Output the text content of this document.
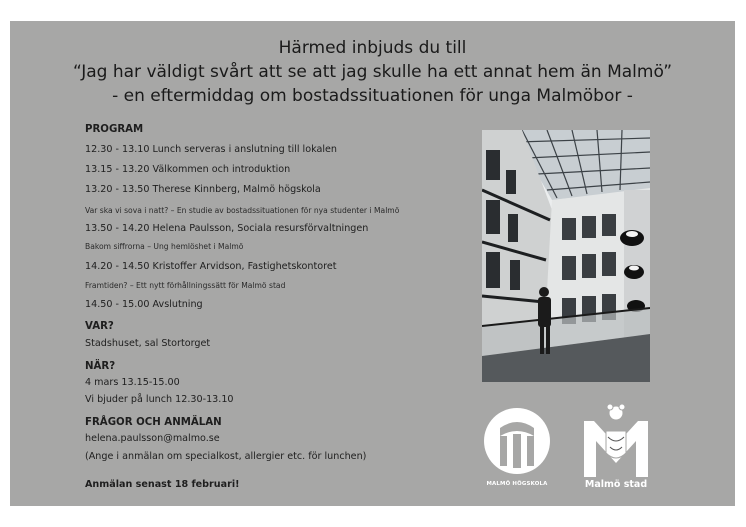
Härmed inbjuds du till
“Jag har väldigt svårt att se att jag skulle ha ett annat hem än Malmö”
- en eftermiddag om bostadssituationen för unga Malmöbor -
PROGRAM
12.30 - 13.10 Lunch serveras i anslutning till lokalen
13.15 - 13.20 Välkommen och introduktion
13.20 - 13.50 Therese Kinnberg, Malmö högskola
Var ska vi sova i natt? – En studie av bostadssituationen för nya studenter i Malmö
13.50 - 14.20 Helena Paulsson, Sociala resursförvaltningen
Bakom siffrorna – Ung hemlöshet i Malmö
14.20 - 14.50 Kristoffer Arvidson, Fastighetskontoret
Framtiden? – Ett nytt förhållningssätt för Malmö stad
14.50 - 15.00 Avslutning
VAR?
Stadshuset, sal Stortorget
NÄR?
4 mars 13.15-15.00
Vi bjuder på lunch 12.30-13.10
FRÅGOR OCH ANMÄLAN
helena.paulsson@malmo.se
(Ange i anmälan om specialkost, allergier etc. för lunchen)
Anmälan senast 18 februari!	MALMÖ HÖGSKOLA	Malmö stad
